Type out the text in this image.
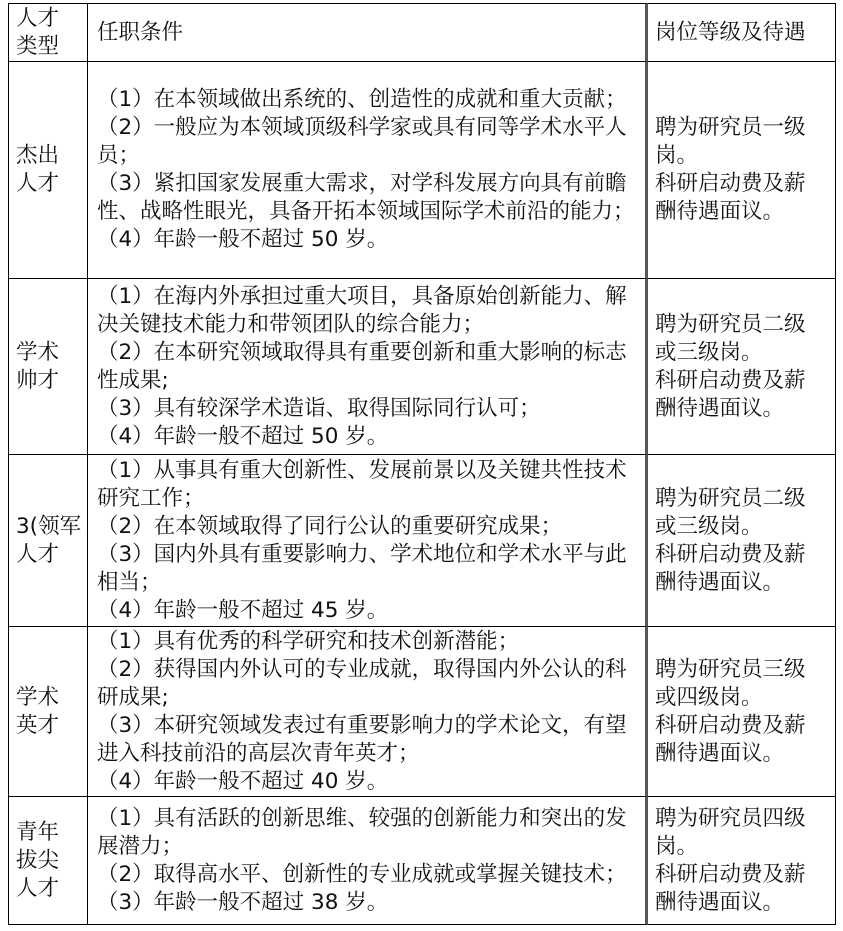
人才
类型
任职条件	岗位等级及待遇
杰出
人才
（1）在本领域做出系统的、创造性的成就和重大贡献；
（2）一般应为本领域顶级科学家或具有同等学术水平人
员；
（3）紧扣国家发展重大需求，对学科发展方向具有前瞻
性、战略性眼光，具备开拓本领域国际学术前沿的能力；
（4）年龄一般不超过 50 岁。
聘为研究员一级
岗。
科研启动费及薪
酬待遇面议。
学术
帅才
（1）在海内外承担过重大项目，具备原始创新能力、解
决关键技术能力和带领团队的综合能力；
（2）在本研究领域取得具有重要创新和重大影响的标志
性成果;
（3）具有较深学术造诣、取得国际同行认可；
（4）年龄一般不超过 50 岁。
聘为研究员二级
或三级岗。
科研启动费及薪
酬待遇面议。
3(领军
人才
（1）从事具有重大创新性、发展前景以及关键共性技术
研究工作；
（2）在本领域取得了同行公认的重要研究成果；
（3）国内外具有重要影响力、学术地位和学术水平与此
相当；
（4）年龄一般不超过 45 岁。
聘为研究员二级
或三级岗。
科研启动费及薪
酬待遇面议。
学术
英才
（1）具有优秀的科学研究和技术创新潜能；
（2）获得国内外认可的专业成就，取得国内外公认的科
研成果;
（3）本研究领域发表过有重要影响力的学术论文，有望
进入科技前沿的高层次青年英才；
（4）年龄一般不超过 40 岁。
聘为研究员三级
或四级岗。
科研启动费及薪
酬待遇面议。
青年
拔尖
人才
（1）具有活跃的创新思维、较强的创新能力和突出的发
展潜力；
（2）取得高水平、创新性的专业成就或掌握关键技术；
（3）年龄一般不超过 38 岁。
聘为研究员四级
岗。
科研启动费及薪
酬待遇面议。
